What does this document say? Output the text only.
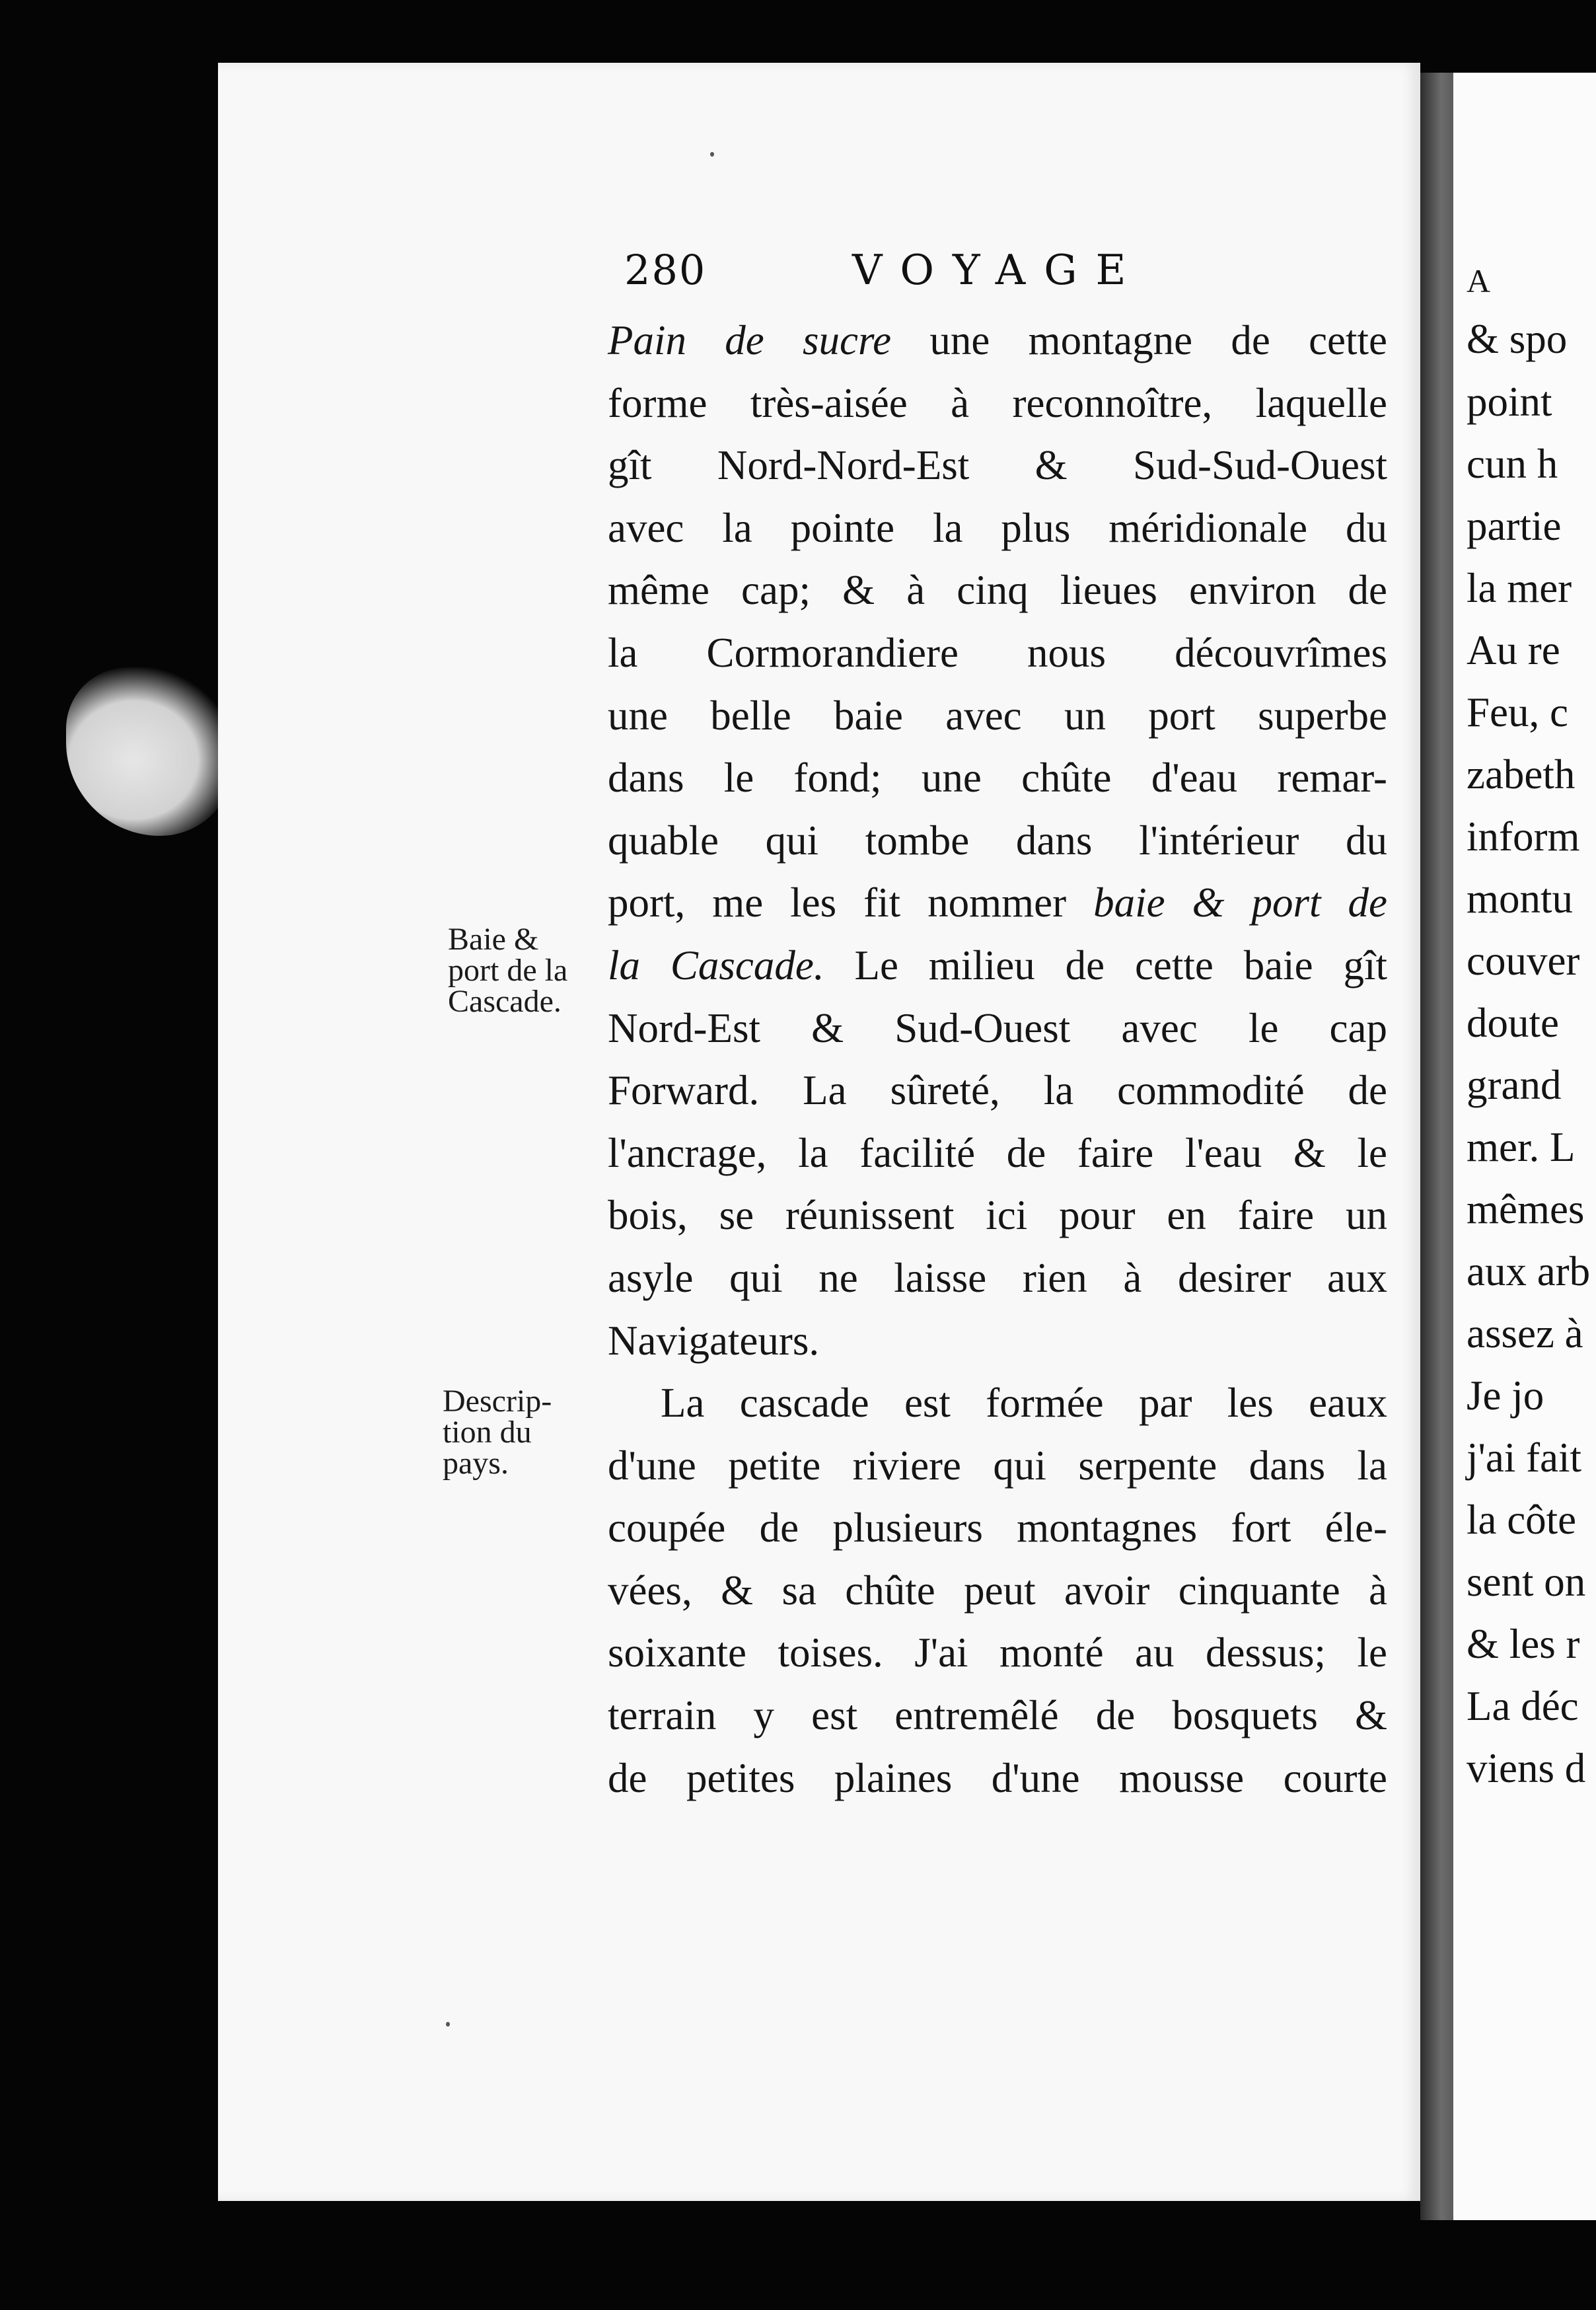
A
& spo
point
cun h
partie
la mer
Au re
Feu, c
zabeth
inform
montu
couver
doute
grand
mer. L
mêmes
aux arb
assez à
Je jo
j'ai fait
la côte
sent on
& les r
La déc
viens d
280	VOYAGE
Pain de sucre une montagne de cette
forme très-aisée à reconnoître, laquelle
gît Nord-Nord-Est & Sud-Sud-Ouest
avec la pointe la plus méridionale du
même cap; & à cinq lieues environ de
la Cormorandiere nous découvrîmes
une belle baie avec un port superbe
dans le fond; une chûte d'eau remar-
quable qui tombe dans l'intérieur du
port, me les fit nommer baie & port de
la Cascade. Le milieu de cette baie gît
Nord-Est & Sud-Ouest avec le cap
Forward. La sûreté, la commodité de
l'ancrage, la facilité de faire l'eau & le
bois, se réunissent ici pour en faire un
asyle qui ne laisse rien à desirer aux
Navigateurs.
La cascade est formée par les eaux
d'une petite riviere qui serpente dans la
coupée de plusieurs montagnes fort éle-
vées, & sa chûte peut avoir cinquante à
soixante toises. J'ai monté au dessus; le
terrain y est entremêlé de bosquets &
de petites plaines d'une mousse courte
Baie &
port de la
Cascade.
Descrip-
tion du
pays.
